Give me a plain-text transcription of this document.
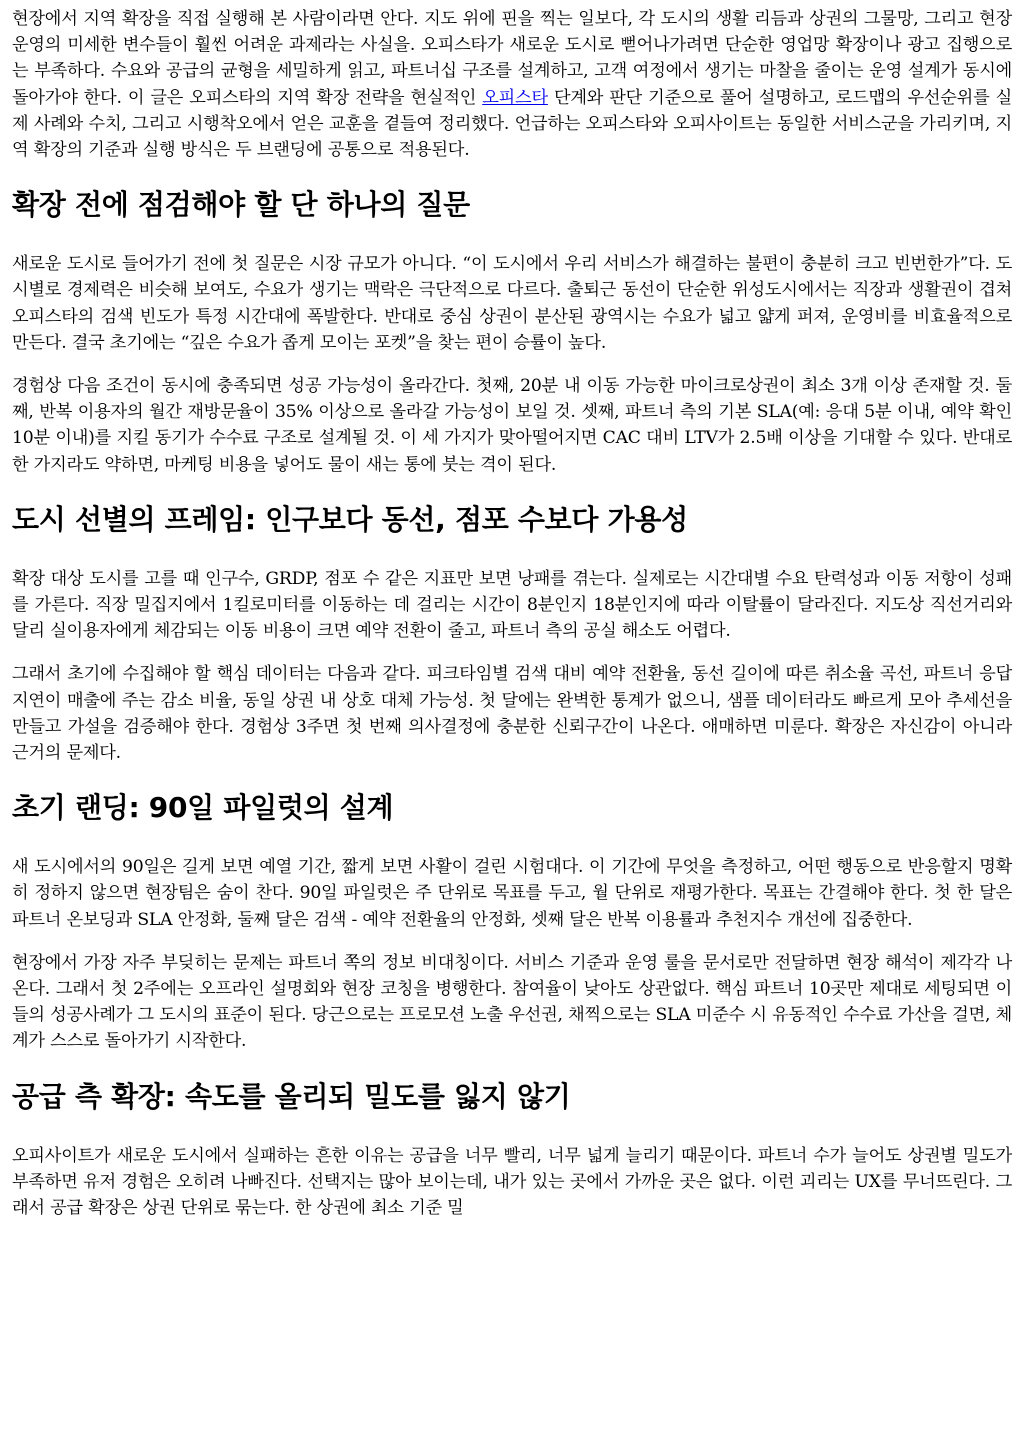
현장에서 지역 확장을 직접 실행해 본 사람이라면 안다. 지도 위에 핀을 찍는 일보다, 각 도시의 생활 리듬과 상권의 그물망, 그리고 현장 운영의 미세한 변수들이 훨씬 어려운 과제라는 사실을. 오피스타가 새로운 도시로 뻗어나가려면 단순한 영업망 확장이나 광고 집행으로는 부족하다. 수요와 공급의 균형을 세밀하게 읽고, 파트너십 구조를 설계하고, 고객 여정에서 생기는 마찰을 줄이는 운영 설계가 동시에 돌아가야 한다. 이 글은 오피스타의 지역 확장 전략을 현실적인 오피스타 단계와 판단 기준으로 풀어 설명하고, 로드맵의 우선순위를 실제 사례와 수치, 그리고 시행착오에서 얻은 교훈을 곁들여 정리했다. 언급하는 오피스타와 오피사이트는 동일한 서비스군을 가리키며, 지역 확장의 기준과 실행 방식은 두 브랜딩에 공통으로 적용된다.

확장 전에 점검해야 할 단 하나의 질문

새로운 도시로 들어가기 전에 첫 질문은 시장 규모가 아니다. “이 도시에서 우리 서비스가 해결하는 불편이 충분히 크고 빈번한가”다. 도시별로 경제력은 비슷해 보여도, 수요가 생기는 맥락은 극단적으로 다르다. 출퇴근 동선이 단순한 위성도시에서는 직장과 생활권이 겹쳐 오피스타의 검색 빈도가 특정 시간대에 폭발한다. 반대로 중심 상권이 분산된 광역시는 수요가 넓고 얇게 퍼져, 운영비를 비효율적으로 만든다. 결국 초기에는 “깊은 수요가 좁게 모이는 포켓”을 찾는 편이 승률이 높다.

경험상 다음 조건이 동시에 충족되면 성공 가능성이 올라간다. 첫째, 20분 내 이동 가능한 마이크로상권이 최소 3개 이상 존재할 것. 둘째, 반복 이용자의 월간 재방문율이 35% 이상으로 올라갈 가능성이 보일 것. 셋째, 파트너 측의 기본 SLA(예: 응대 5분 이내, 예약 확인 10분 이내)를 지킬 동기가 수수료 구조로 설계될 것. 이 세 가지가 맞아떨어지면 CAC 대비 LTV가 2.5배 이상을 기대할 수 있다. 반대로 한 가지라도 약하면, 마케팅 비용을 넣어도 물이 새는 통에 붓는 격이 된다.

도시 선별의 프레임: 인구보다 동선, 점포 수보다 가용성

확장 대상 도시를 고를 때 인구수, GRDP, 점포 수 같은 지표만 보면 낭패를 겪는다. 실제로는 시간대별 수요 탄력성과 이동 저항이 성패를 가른다. 직장 밀집지에서 1킬로미터를 이동하는 데 걸리는 시간이 8분인지 18분인지에 따라 이탈률이 달라진다. 지도상 직선거리와 달리 실이용자에게 체감되는 이동 비용이 크면 예약 전환이 줄고, 파트너 측의 공실 해소도 어렵다.

그래서 초기에 수집해야 할 핵심 데이터는 다음과 같다. 피크타임별 검색 대비 예약 전환율, 동선 길이에 따른 취소율 곡선, 파트너 응답 지연이 매출에 주는 감소 비율, 동일 상권 내 상호 대체 가능성. 첫 달에는 완벽한 통계가 없으니, 샘플 데이터라도 빠르게 모아 추세선을 만들고 가설을 검증해야 한다. 경험상 3주면 첫 번째 의사결정에 충분한 신뢰구간이 나온다. 애매하면 미룬다. 확장은 자신감이 아니라 근거의 문제다.

초기 랜딩: 90일 파일럿의 설계

새 도시에서의 90일은 길게 보면 예열 기간, 짧게 보면 사활이 걸린 시험대다. 이 기간에 무엇을 측정하고, 어떤 행동으로 반응할지 명확히 정하지 않으면 현장팀은 숨이 찬다. 90일 파일럿은 주 단위로 목표를 두고, 월 단위로 재평가한다. 목표는 간결해야 한다. 첫 한 달은 파트너 온보딩과 SLA 안정화, 둘째 달은 검색 - 예약 전환율의 안정화, 셋째 달은 반복 이용률과 추천지수 개선에 집중한다.

현장에서 가장 자주 부딪히는 문제는 파트너 쪽의 정보 비대칭이다. 서비스 기준과 운영 룰을 문서로만 전달하면 현장 해석이 제각각 나온다. 그래서 첫 2주에는 오프라인 설명회와 현장 코칭을 병행한다. 참여율이 낮아도 상관없다. 핵심 파트너 10곳만 제대로 세팅되면 이들의 성공사례가 그 도시의 표준이 된다. 당근으로는 프로모션 노출 우선권, 채찍으로는 SLA 미준수 시 유동적인 수수료 가산을 걸면, 체계가 스스로 돌아가기 시작한다.

공급 측 확장: 속도를 올리되 밀도를 잃지 않기

오피사이트가 새로운 도시에서 실패하는 흔한 이유는 공급을 너무 빨리, 너무 넓게 늘리기 때문이다. 파트너 수가 늘어도 상권별 밀도가 부족하면 유저 경험은 오히려 나빠진다. 선택지는 많아 보이는데, 내가 있는 곳에서 가까운 곳은 없다. 이런 괴리는 UX를 무너뜨린다. 그래서 공급 확장은 상권 단위로 묶는다. 한 상권에 최소 기준 밀
